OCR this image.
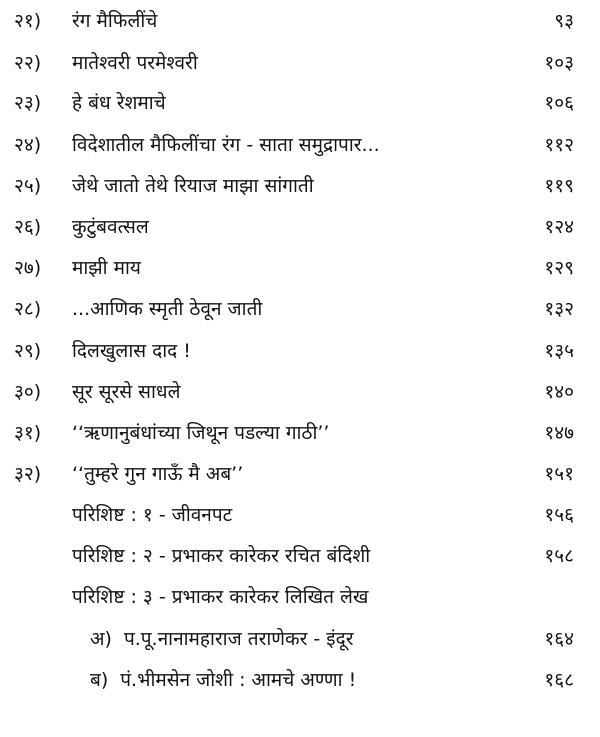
२१) रंग मैफिलींचे	९३
२२) मातेश्वरी परमेश्वरी	१०३
२३) हे बंध रेशमाचे	१०६
२४) विदेशातील मैफिलींचा रंग - साता समुद्रापार...	११२
२५) जेथे जातो तेथे रियाज माझा सांगाती	११९
२६) कुटुंबवत्सल	१२४
२७) माझी माय	१२९
२८) ...आणिक स्मृती ठेवून जाती	१३२
२९) दिलखुलास दाद !	१३५
३०) सूर सूरसे साधले	१४०
३१) ‘‘ऋणानुबंधांच्या जिथून पडल्या गाठी’’	१४७
३२) ‘‘तुम्हरे गुन गाऊँ मै अब’’	१५१
परिशिष्ट : १ - जीवनपट	१५६
परिशिष्ट : २ - प्रभाकर कारेकर रचित बंदिशी	१५८
परिशिष्ट : ३ - प्रभाकर कारेकर लिखित लेख
अ) प.पू.नानामहाराज तराणेकर - इंदूर	१६४
ब) पं.भीमसेन जोशी : आमचे अण्णा !	१६८
